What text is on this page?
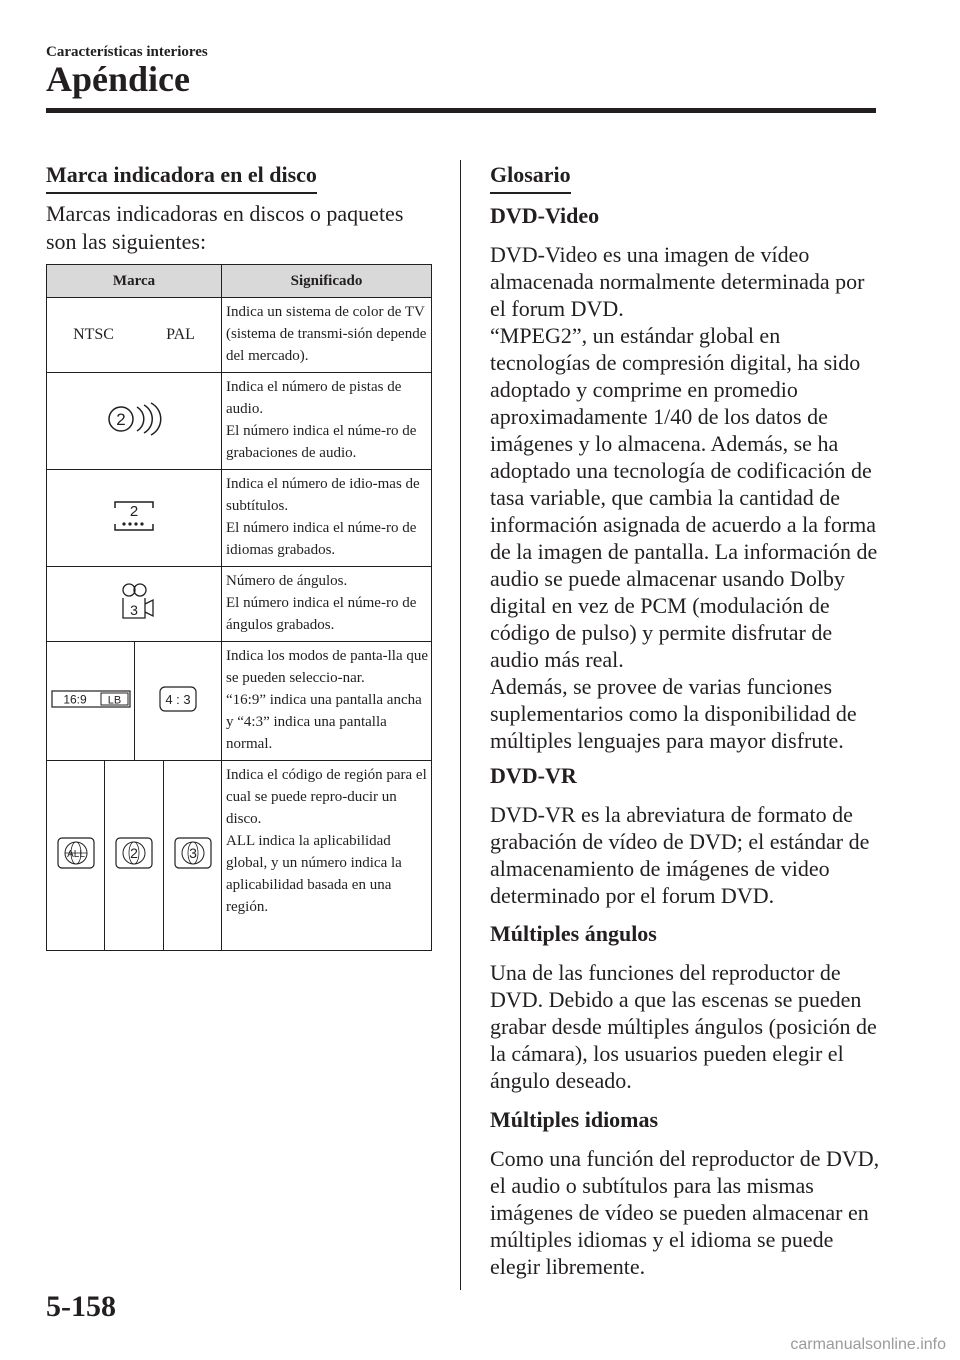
Características interiores
Apéndice
Marca indicadora en el disco
Marcas indicadoras en discos o paquetes son las siguientes:
Marca				Significado

NTSC PAL				Indica un sistema de color de TV (sistema de transmi-sión depende del mercado).

2				Indica el número de pistas de audio.
El número indica el núme-ro de grabaciones de audio.

2				Indica el número de idio-mas de subtítulos.
El número indica el núme-ro de idiomas grabados.

3				Número de ángulos.
El número indica el núme-ro de ángulos grabados.

16:9 LB		4 : 3		Indica los modos de panta-lla que se pueden seleccio-nar.
“16:9” indica una pantalla ancha y “4:3” indica una pantalla normal.

ALL	2		3	Indica el código de región para el cual se puede repro-ducir un disco.
ALL indica la aplicabilidad global, y un número indica la aplicabilidad basada en una región.
Glosario
DVD-Video
DVD-Video es una imagen de vídeo almacenada normalmente determinada por el forum DVD.
“MPEG2”, un estándar global en tecnologías de compresión digital, ha sido adoptado y comprime en promedio aproximadamente 1/40 de los datos de imágenes y lo almacena. Además, se ha adoptado una tecnología de codificación de tasa variable, que cambia la cantidad de información asignada de acuerdo a la forma de la imagen de pantalla. La información de audio se puede almacenar usando Dolby digital en vez de PCM (modulación de código de pulso) y permite disfrutar de audio más real.
Además, se provee de varias funciones suplementarios como la disponibilidad de múltiples lenguajes para mayor disfrute.
DVD-VR
DVD-VR es la abreviatura de formato de grabación de vídeo de DVD; el estándar de almacenamiento de imágenes de video determinado por el forum DVD.
Múltiples ángulos
Una de las funciones del reproductor de DVD. Debido a que las escenas se pueden grabar desde múltiples ángulos (posición de la cámara), los usuarios pueden elegir el ángulo deseado.
Múltiples idiomas
Como una función del reproductor de DVD, el audio o subtítulos para las mismas imágenes de vídeo se pueden almacenar en múltiples idiomas y el idioma se puede elegir libremente.
5-158
carmanualsonline.info
